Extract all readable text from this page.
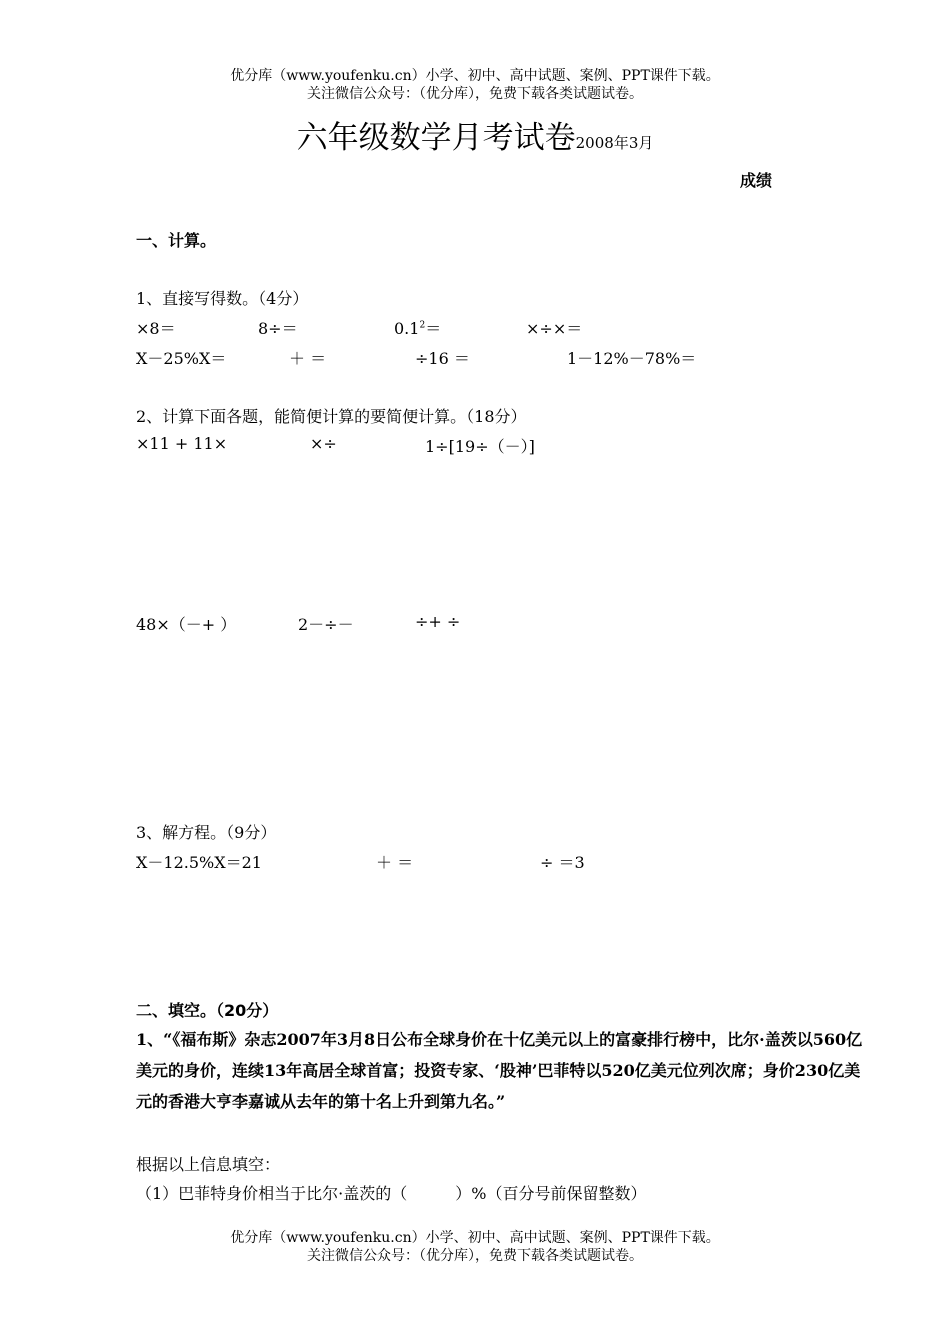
优分库（www.youfenku.cn）小学、初中、高中试题、案例、PPT课件下载。
关注微信公众号：（优分库），免费下载各类试题试卷。
六年级数学月考试卷2008年3月
成绩
一、计算。
1、直接写得数。（4分）
×8＝	8÷＝	$0.1^2=$	×÷×＝
X－25%X＝	＋ ＝	÷16 ＝	1－12%－78%＝
2、计算下面各题，能简便计算的要简便计算。（18分）
×11 + 11×	×÷	1÷[19÷（－）]
48×（－+ ）	2－÷－	÷+ ÷
3、解方程。（9分）
X－12.5%X＝21	＋ ＝	÷ ＝3
二、填空。（20分）
1、“《福布斯》杂志2007年3月8日公布全球身价在十亿美元以上的富豪排行榜中，比尔·盖茨以560亿美元的身价，连续13年高居全球首富；投资专家、‘股神’巴菲特以520亿美元位列次席；身价230亿美元的香港大亨李嘉诚从去年的第十名上升到第九名。”
根据以上信息填空：
（1）巴菲特身价相当于比尔·盖茨的（　　　）%（百分号前保留整数）
优分库（www.youfenku.cn）小学、初中、高中试题、案例、PPT课件下载。
关注微信公众号：（优分库），免费下载各类试题试卷。
